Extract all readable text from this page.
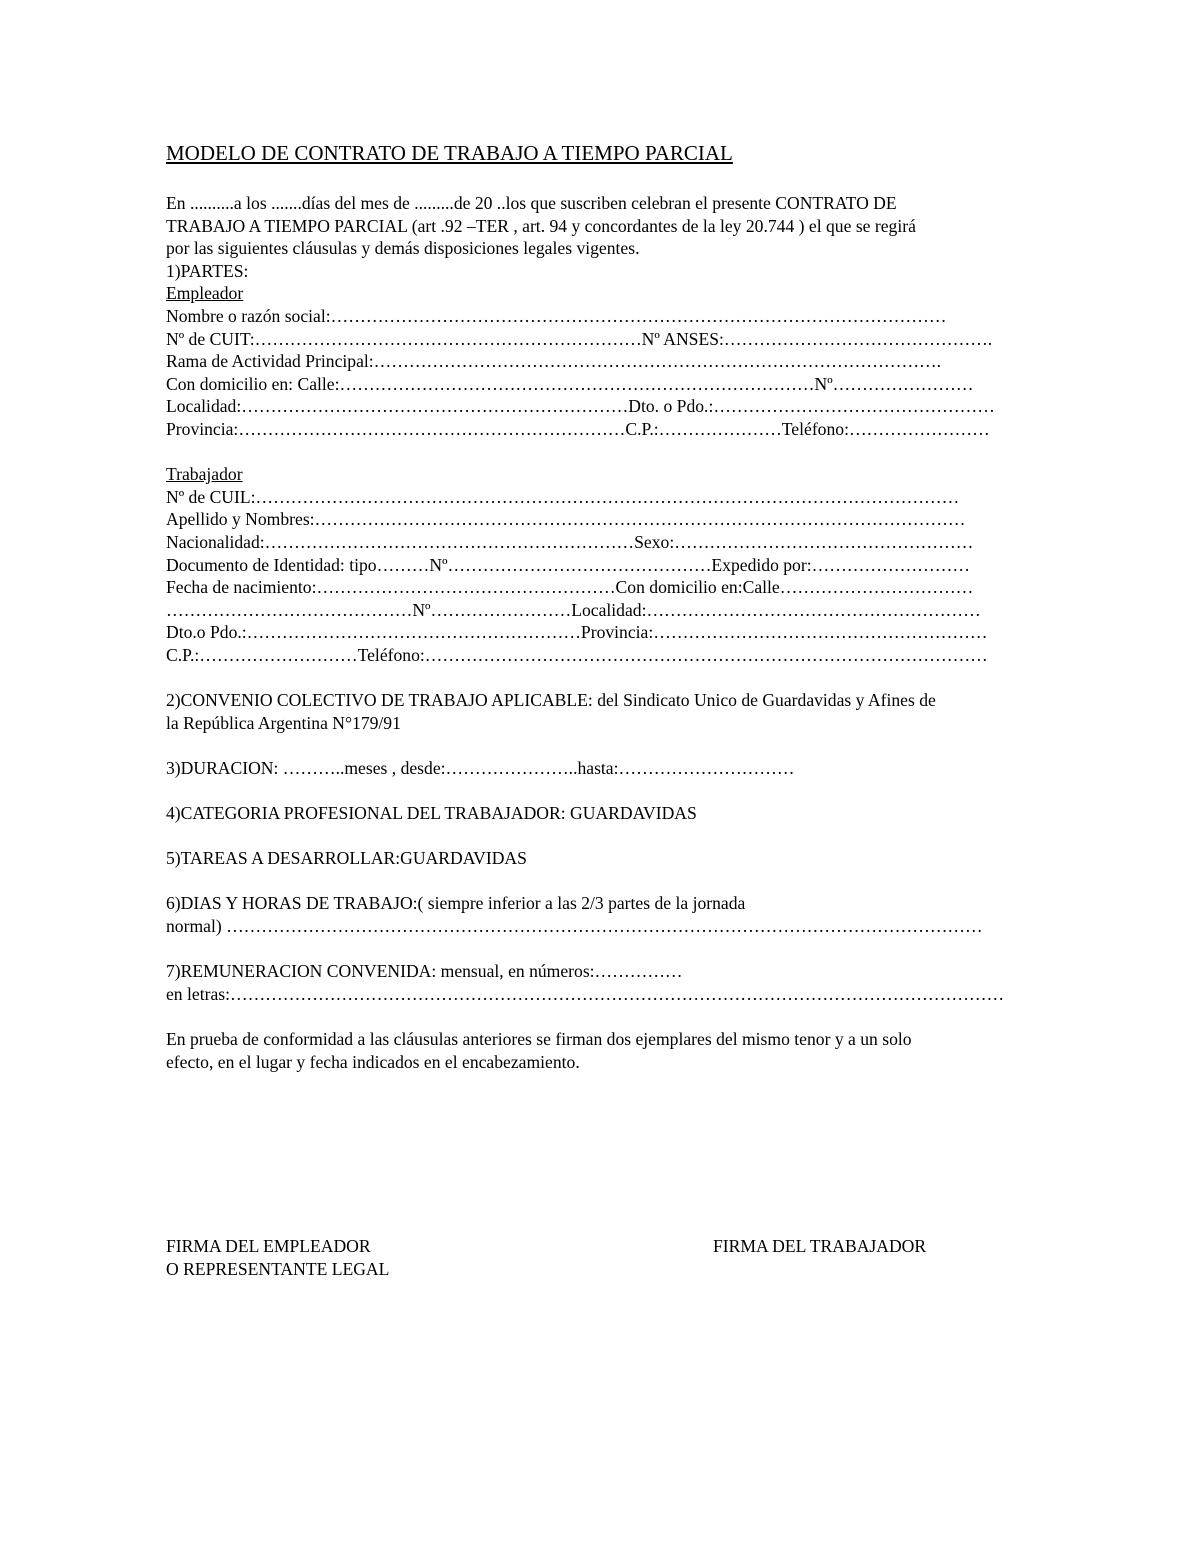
MODELO DE CONTRATO DE TRABAJO A TIEMPO PARCIAL
En ..........a los .......días del mes de .........de 20 ..los que suscriben celebran el presente CONTRATO DE
TRABAJO A TIEMPO PARCIAL (art .92 –TER , art. 94 y concordantes de la ley 20.744 ) el que se regirá
por las siguientes cláusulas y demás disposiciones legales vigentes.
1)PARTES:
Empleador
Nombre o razón social:……………………………………………………………………………………………
Nº de CUIT:…………………………………………………………Nº ANSES:……………………………………….
Rama de Actividad Principal:…………………………………………………………………………………….
Con domicilio en: Calle:………………………………………………………………………Nº……………………
Localidad:…………………………………………………………Dto. o Pdo.:…………………………………………
Provincia:…………………………………………………………C.P.:…………………Teléfono:……………………
Trabajador
Nº de CUIL:…………………………………………………………………………………………………………
Apellido y Nombres:…………………………………………………………………………………………………
Nacionalidad:………………………………………………………Sexo:……………………………………………
Documento de Identidad: tipo………Nº………………………………………Expedido por:………………………
Fecha de nacimiento:……………………………………………Con domicilio en:Calle……………………………
……………………………………Nº……………………Localidad:…………………………………………………
Dto.o Pdo.:…………………………………………………Provincia:…………………………………………………
C.P.:………………………Teléfono:……………………………………………………………………………………
2)CONVENIO COLECTIVO DE TRABAJO APLICABLE: del Sindicato Unico de Guardavidas y Afines de
la República Argentina N°179/91
3)DURACION: ………..meses , desde:…………………..hasta:…………………………
4)CATEGORIA PROFESIONAL DEL TRABAJADOR: GUARDAVIDAS
5)TAREAS A DESARROLLAR:GUARDAVIDAS
6)DIAS Y HORAS DE TRABAJO:( siempre inferior a las 2/3 partes de la jornada
normal) …………………………………………………………………………………………………………………
7)REMUNERACION CONVENIDA: mensual, en números:……………
en letras:……………………………………………………………………………………………………………………
En prueba de conformidad a las cláusulas anteriores se firman dos ejemplares del mismo tenor y a un solo
efecto, en el lugar y fecha indicados en el encabezamiento.
FIRMA DEL EMPLEADOR
O REPRESENTANTE LEGAL
FIRMA DEL TRABAJADOR
